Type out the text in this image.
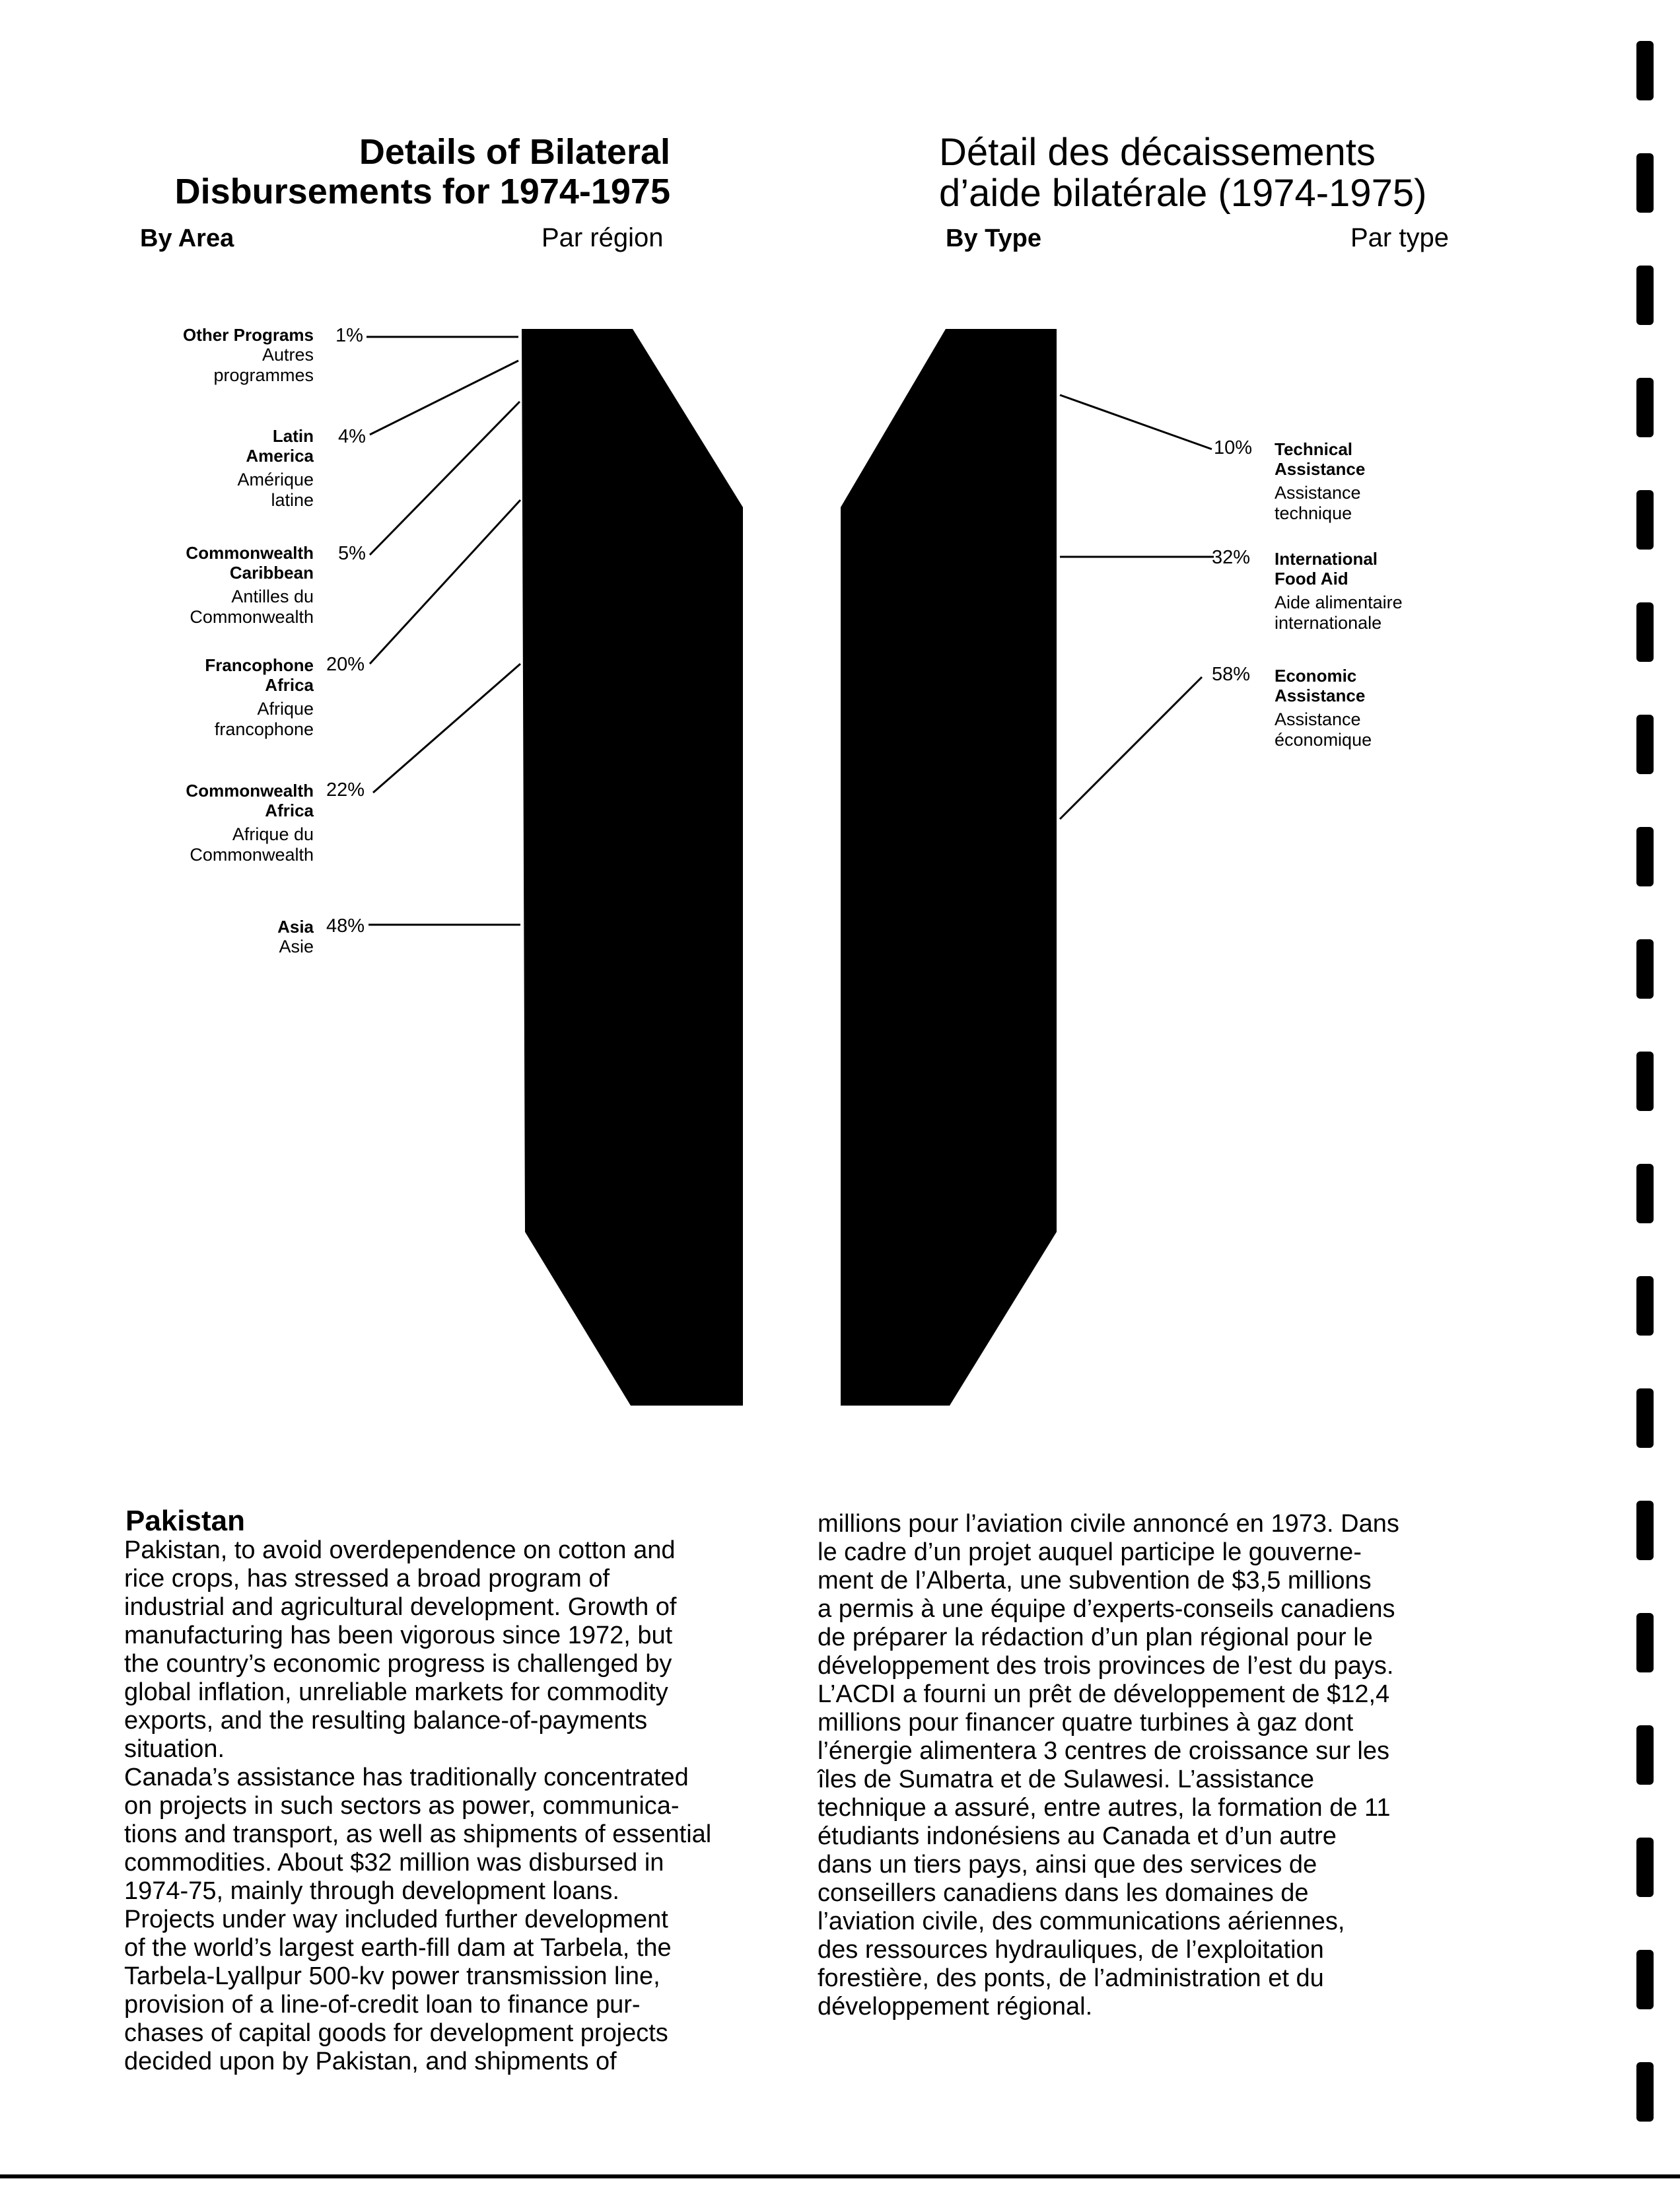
Details of Bilateral
Disbursements for 1974-1975
By Area	Par région
Détail des décaissements
d’aide bilatérale (1974-1975)
By Type	Par type
Other Programs
Autres
programmes
1%
Latin
America
Amérique
latine
4%
Commonwealth
Caribbean
Antilles du
Commonwealth
5%
Francophone
Africa
Afrique
francophone
20%
Commonwealth
Africa
Afrique du
Commonwealth
22%
Asia
Asie
48%
10% Technical
Assistance
Assistance
technique
32% International
Food Aid
Aide alimentaire
internationale
58% Economic
Assistance
Assistance
économique
Pakistan
Pakistan, to avoid overdependence on cotton and
rice crops, has stressed a broad program of
industrial and agricultural development. Growth of
manufacturing has been vigorous since 1972, but
the country’s economic progress is challenged by
global inflation, unreliable markets for commodity
exports, and the resulting balance-of-payments
situation.
Canada’s assistance has traditionally concentrated
on projects in such sectors as power, communica-
tions and transport, as well as shipments of essential
commodities. About $32 million was disbursed in
1974-75, mainly through development loans.
Projects under way included further development
of the world’s largest earth-fill dam at Tarbela, the
Tarbela-Lyallpur 500-kv power transmission line,
provision of a line-of-credit loan to finance pur-
chases of capital goods for development projects
decided upon by Pakistan, and shipments of
millions pour l’aviation civile annoncé en 1973. Dans
le cadre d’un projet auquel participe le gouverne-
ment de l’Alberta, une subvention de $3,5 millions
a permis à une équipe d’experts-conseils canadiens
de préparer la rédaction d’un plan régional pour le
développement des trois provinces de l’est du pays.
L’ACDI a fourni un prêt de développement de $12,4
millions pour financer quatre turbines à gaz dont
l’énergie alimentera 3 centres de croissance sur les
îles de Sumatra et de Sulawesi. L’assistance
technique a assuré, entre autres, la formation de 11
étudiants indonésiens au Canada et d’un autre
dans un tiers pays, ainsi que des services de
conseillers canadiens dans les domaines de
l’aviation civile, des communications aériennes,
des ressources hydrauliques, de l’exploitation
forestière, des ponts, de l’administration et du
développement régional.
